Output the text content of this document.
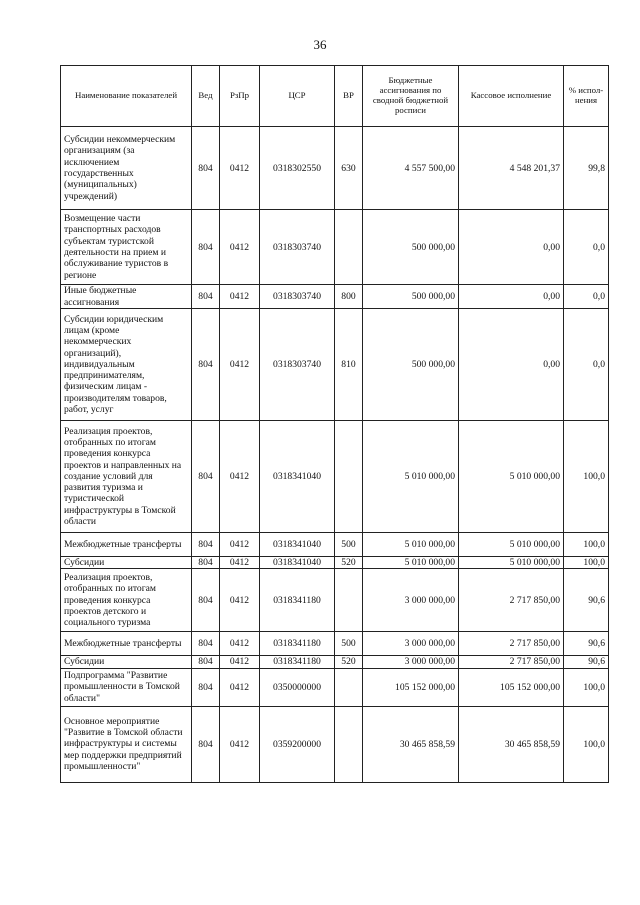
36
Наименование показателей	Вед	РзПр	ЦСР	ВР	Бюджетные ассигнования по сводной бюджетной росписи	Кассовое исполнение	% испол-нения
Субсидии некоммерческим организациям (за исключением государственных (муниципальных) учреждений)	804	0412	0318302550	630	4 557 500,00	4 548 201,37	99,8
Возмещение части транспортных расходов субъектам туристской деятельности на прием и обслуживание туристов в регионе	804	0412	0318303740		500 000,00	0,00	0,0
Иные бюджетные ассигнования	804	0412	0318303740	800	500 000,00	0,00	0,0
Субсидии юридическим лицам (кроме некоммерческих организаций), индивидуальным предпринимателям, физическим лицам - производителям товаров, работ, услуг	804	0412	0318303740	810	500 000,00	0,00	0,0
Реализация проектов, отобранных по итогам проведения конкурса проектов и направленных на создание условий для развития туризма и туристической инфраструктуры в Томской области	804	0412	0318341040		5 010 000,00	5 010 000,00	100,0
Межбюджетные трансферты	804	0412	0318341040	500	5 010 000,00	5 010 000,00	100,0
Субсидии	804	0412	0318341040	520	5 010 000,00	5 010 000,00	100,0
Реализация проектов, отобранных по итогам проведения конкурса проектов детского и социального туризма	804	0412	0318341180		3 000 000,00	2 717 850,00	90,6
Межбюджетные трансферты	804	0412	0318341180	500	3 000 000,00	2 717 850,00	90,6
Субсидии	804	0412	0318341180	520	3 000 000,00	2 717 850,00	90,6
Подпрограмма "Развитие промышленности в Томской области"	804	0412	0350000000		105 152 000,00	105 152 000,00	100,0
Основное мероприятие "Развитие в Томской области инфраструктуры и системы мер поддержки предприятий промышленности"	804	0412	0359200000		30 465 858,59	30 465 858,59	100,0
